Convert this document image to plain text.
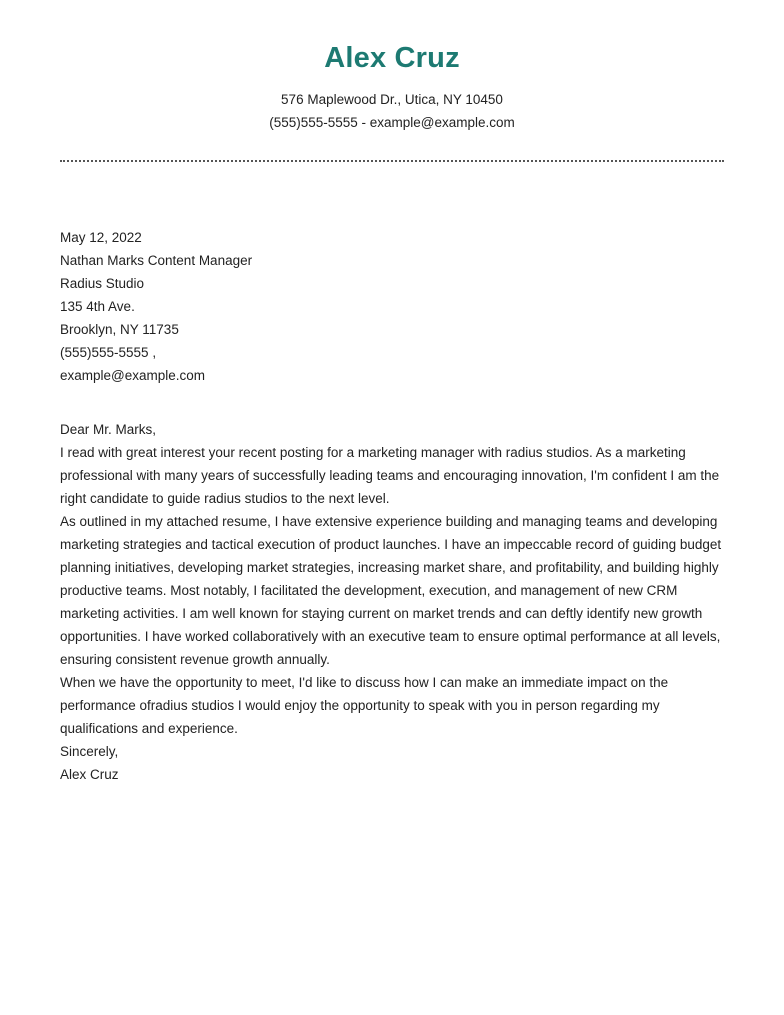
Alex Cruz

576 Maplewood Dr., Utica, NY 10450

(555)555-5555 - example@example.com

May 12, 2022

Nathan Marks Content Manager

Radius Studio

135 4th Ave.

Brooklyn, NY 11735

(555)555-5555 ,

example@example.com

Dear Mr. Marks,

I read with great interest your recent posting for a marketing manager with radius studios. As a marketing professional with many years of successfully leading teams and encouraging innovation, I'm confident I am the right candidate to guide radius studios to the next level.

As outlined in my attached resume, I have extensive experience building and managing teams and developing marketing strategies and tactical execution of product launches. I have an impeccable record of guiding budget planning initiatives, developing market strategies, increasing market share, and profitability, and building highly productive teams. Most notably, I facilitated the development, execution, and management of new CRM marketing activities. I am well known for staying current on market trends and can deftly identify new growth opportunities. I have worked collaboratively with an executive team to ensure optimal performance at all levels, ensuring consistent revenue growth annually.

When we have the opportunity to meet, I'd like to discuss how I can make an immediate impact on the performance ofradius studios I would enjoy the opportunity to speak with you in person regarding my qualifications and experience.

Sincerely,

Alex Cruz
